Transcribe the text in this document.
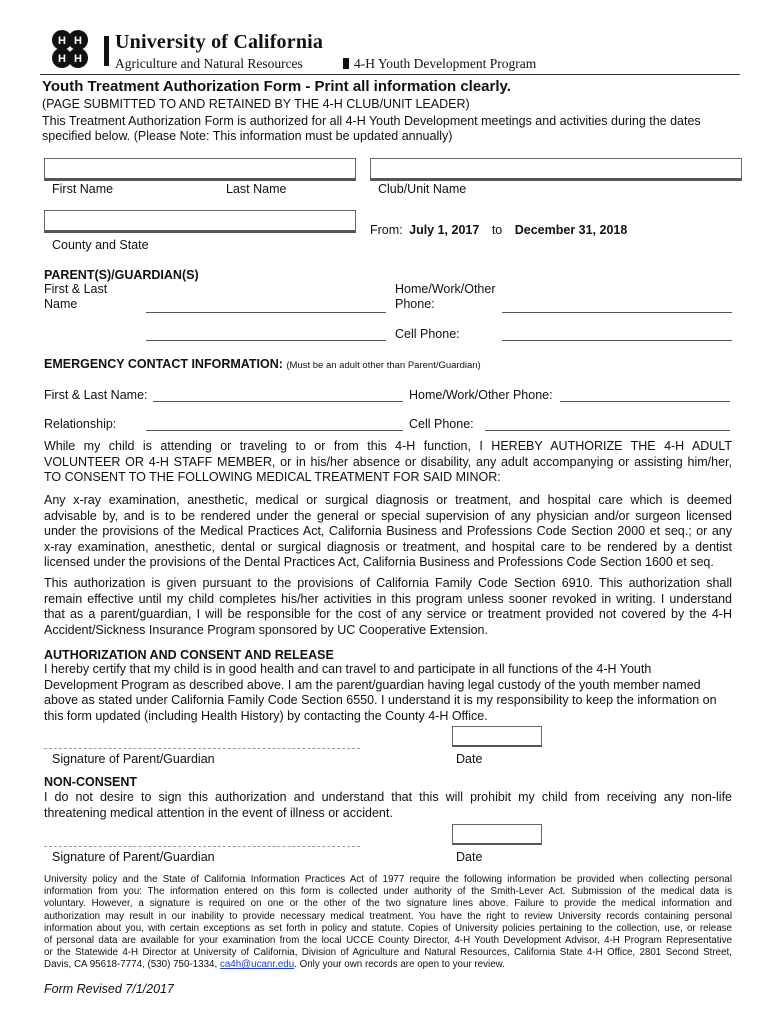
H H
H H
University of California
Agriculture and Natural Resources	4-H Youth Development Program
Youth Treatment Authorization Form - Print all information clearly.
(PAGE SUBMITTED TO AND RETAINED BY THE 4-H CLUB/UNIT LEADER)
This Treatment Authorization Form is authorized for all 4-H Youth Development meetings and activities during the dates
specified below. (Please Note: This information must be updated annually)
First Name	Last Name	Club/Unit Name
County and State
From: July 1, 2017 to December 31, 2018
PARENT(S)/GUARDIAN(S)
First & Last
Name
Home/Work/Other
Phone:
Cell Phone:
EMERGENCY CONTACT INFORMATION: (Must be an adult other than Parent/Guardian)
First & Last Name:	Home/Work/Other Phone:
Relationship:	Cell Phone:
While my child is attending or traveling to or from this 4-H function, I HEREBY AUTHORIZE THE 4-H ADULT
VOLUNTEER OR 4-H STAFF MEMBER, or in his/her absence or disability, any adult accompanying or assisting him/her,
TO CONSENT TO THE FOLLOWING MEDICAL TREATMENT FOR SAID MINOR:
Any x-ray examination, anesthetic, medical or surgical diagnosis or treatment, and hospital care which is deemed
advisable by, and is to be rendered under the general or special supervision of any physician and/or surgeon licensed
under the provisions of the Medical Practices Act, California Business and Professions Code Section 2000 et seq.; or any
x-ray examination, anesthetic, dental or surgical diagnosis or treatment, and hospital care to be rendered by a dentist
licensed under the provisions of the Dental Practices Act, California Business and Professions Code Section 1600 et seq.
This authorization is given pursuant to the provisions of California Family Code Section 6910. This authorization shall
remain effective until my child completes his/her activities in this program unless sooner revoked in writing. I understand
that as a parent/guardian, I will be responsible for the cost of any service or treatment provided not covered by the 4-H
Accident/Sickness Insurance Program sponsored by UC Cooperative Extension.
AUTHORIZATION AND CONSENT AND RELEASE
I hereby certify that my child is in good health and can travel to and participate in all functions of the 4-H Youth
Development Program as described above. I am the parent/guardian having legal custody of the youth member named
above as stated under California Family Code Section 6550. I understand it is my responsibility to keep the information on
this form updated (including Health History) by contacting the County 4-H Office.
Signature of Parent/Guardian	Date
NON-CONSENT
I do not desire to sign this authorization and understand that this will prohibit my child from receiving any non-life
threatening medical attention in the event of illness or accident.
Signature of Parent/Guardian	Date
University policy and the State of California Information Practices Act of 1977 require the following information be provided when collecting personal
information from you: The information entered on this form is collected under authority of the Smith-Lever Act. Submission of the medical data is
voluntary. However, a signature is required on one or the other of the two signature lines above. Failure to provide the medical information and
authorization may result in our inability to provide necessary medical treatment. You have the right to review University records containing personal
information about you, with certain exceptions as set forth in policy and statute. Copies of University policies pertaining to the collection, use, or release
of personal data are available for your examination from the local UCCE County Director, 4-H Youth Development Advisor, 4-H Program Representative
or the Statewide 4-H Director at University of California, Division of Agriculture and Natural Resources, California State 4-H Office, 2801 Second Street,
Davis, CA 95618-7774, (530) 750-1334, ca4h@ucanr.edu. Only your own records are open to your review.
Form Revised 7/1/2017
